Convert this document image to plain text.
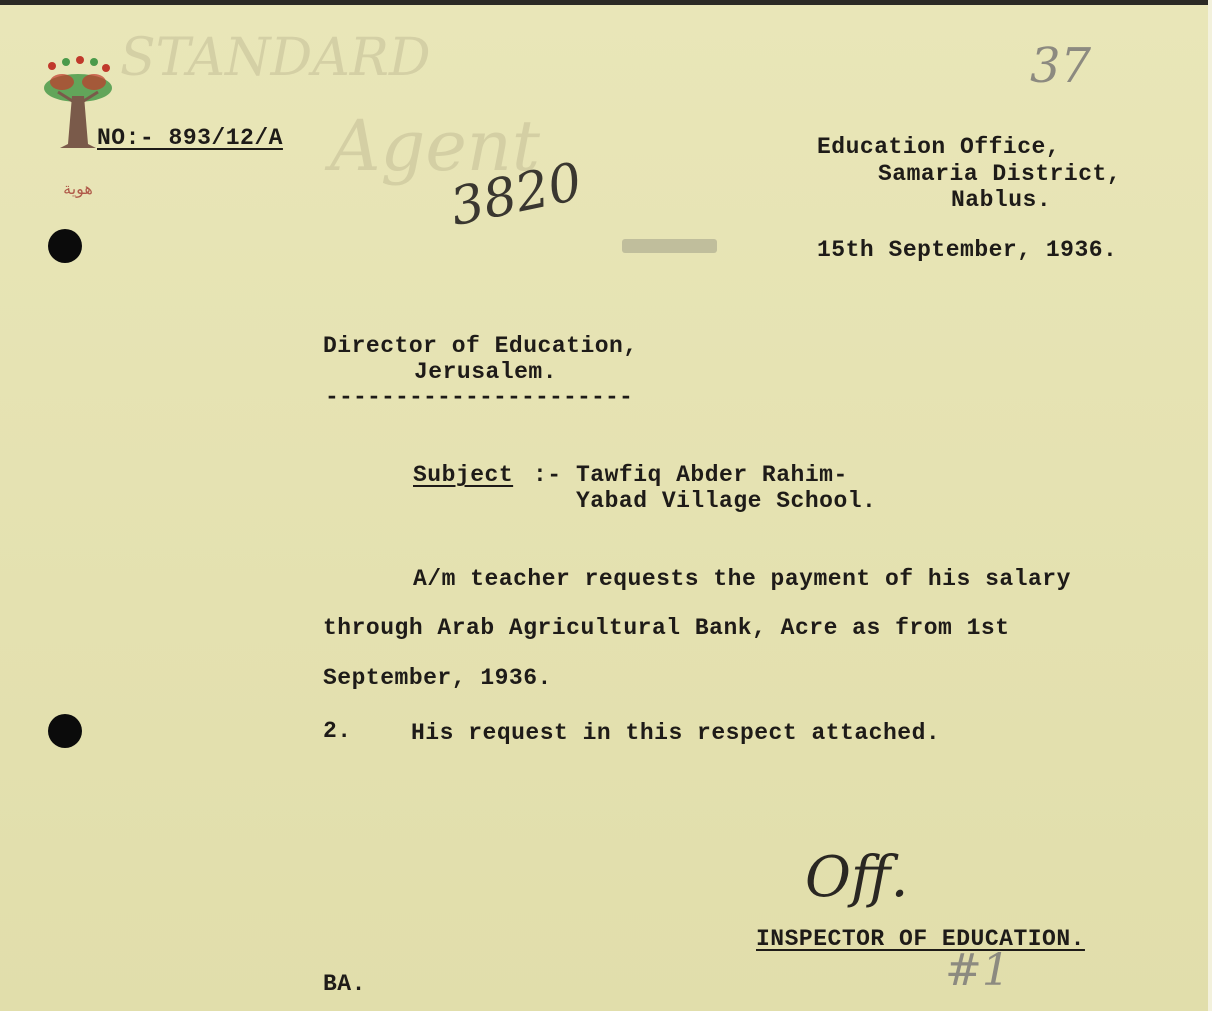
STANDARD
Agent
هوية
37
NO:- 893/12/A
3820
Education Office,
Samaria District,
Nablus.
15th September, 1936.
Director of Education,
Jerusalem.
----------------------
Subject :- Tawfiq Abder Rahim-
Yabad Village School.
A/m teacher requests the payment of his salary
through Arab Agricultural Bank, Acre as from 1st
September, 1936.
2.	His request in this respect attached.
Off.
INSPECTOR OF EDUCATION.
#1
BA.
